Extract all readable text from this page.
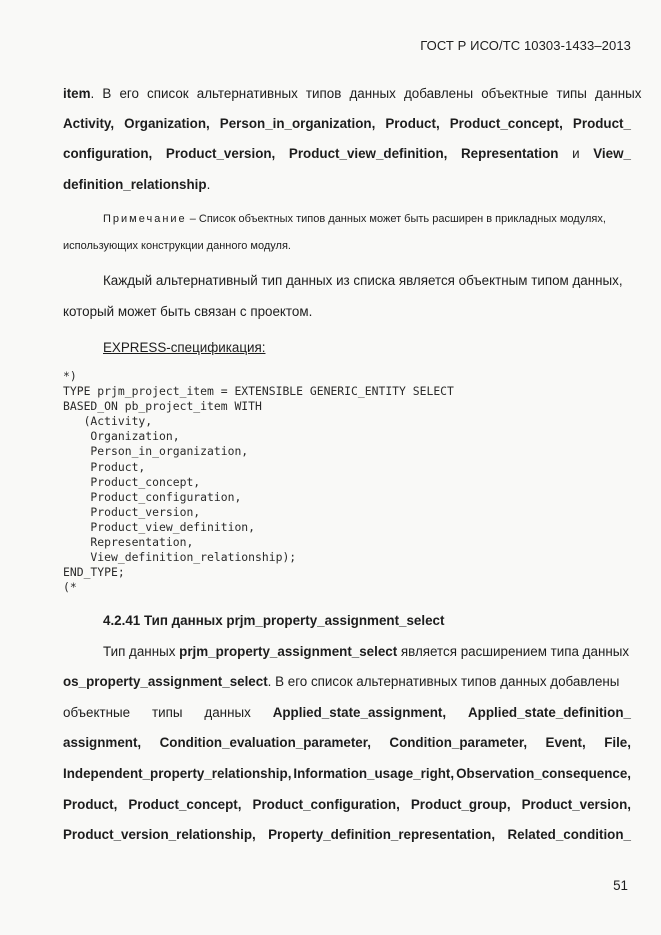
ГОСТ Р ИСО/ТС 10303-1433–2013
item. В его список альтернативных типов данных добавлены объектные типы данных
Activity, Organization, Person_in_organization, Product, Product_concept, Product_
configuration, Product_version, Product_view_definition, Representation и View_
definition_relationship.
Примечание – Список объектных типов данных может быть расширен в прикладных модулях,
использующих конструкции данного модуля.
Каждый альтернативный тип данных из списка является объектным типом данных,
который может быть связан с проектом.
EXPRESS-спецификация:
*)
TYPE prjm_project_item = EXTENSIBLE GENERIC_ENTITY SELECT
BASED_ON pb_project_item WITH
(Activity,
Organization,
Person_in_organization,
Product,
Product_concept,
Product_configuration,
Product_version,
Product_view_definition,
Representation,
View_definition_relationship);
END_TYPE;
(*
4.2.41 Тип данных prjm_property_assignment_select
Тип данных prjm_property_assignment_select является расширением типа данных
os_property_assignment_select. В его список альтернативных типов данных добавлены
объектные типы данных Applied_state_assignment, Applied_state_definition_
assignment, Condition_evaluation_parameter, Condition_parameter, Event, File,
Independent_property_relationship, Information_usage_right, Observation_consequence,
Product, Product_concept, Product_configuration, Product_group, Product_version,
Product_version_relationship, Property_definition_representation, Related_condition_
51
